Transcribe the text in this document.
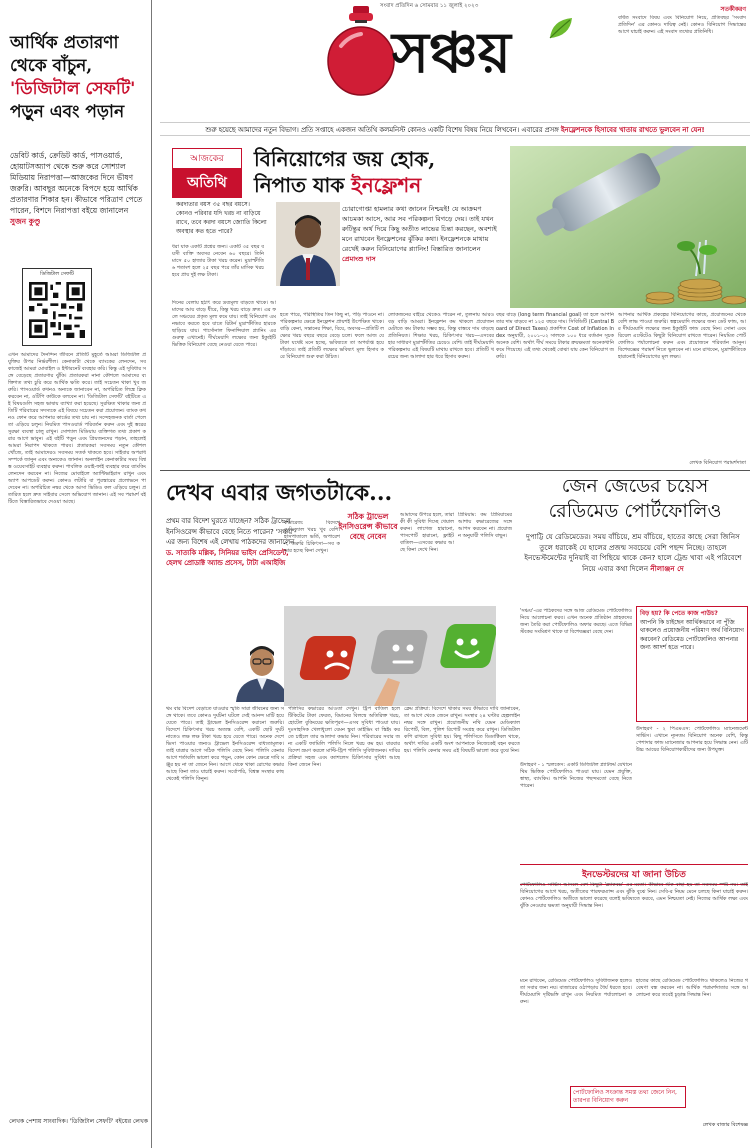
আর্থিক প্রতারণা থেকে বাঁচুন,
'ডিজিটাল সেফটি'
পড়ুন এবং পড়ান
ডেবিট কার্ড, ক্রেডিট কার্ড, পাসওয়ার্ড, হোয়াটসঅ্যাপ থেকে শুরু করে সোশ্যাল মিডিয়ায় নিরাপত্তা—আজকের দিনে ভীষণ জরুরি। আবছুর অনেকে বিপদে হয়ে আর্থিক প্রতারণার শিকার হন। কীভাবে পরিত্রাণ পেতে পারেন, বিশদে নিরাপত্তা বইয়ে জানালেন সুজন কুণ্ডু
ডিজিটাল সেফটি
এখন আমাদের দৈনন্দিন জীবনে প্রতিটি মুহূর্তে আমরা ডিজিটাল প্রযুক্তির উপর নির্ভরশীল। কেনাকাটা থেকে ব্যাংকের লেনদেন, সব কাজেই আমরা মোবাইল ও ইন্টারনেট ব্যবহার করি। কিন্তু এই সুবিধার সঙ্গে বেড়েছে প্রতারণার ঝুঁকি। প্রতারকরা নানা কৌশলে আমাদের ব্যক্তিগত তথ্য চুরি করে আর্থিক ক্ষতি করে। তাই সচেতন থাকা খুব জরুরি। পাসওয়ার্ড কখনও অন্যকে জানাবেন না, অপরিচিত লিঙ্কে ক্লিক করবেন না, ওটিপি কাউকে বলবেন না। 'ডিজিটাল সেফটি' বইটিতে এই বিষয়গুলি সহজ ভাষায় ব্যাখ্যা করা হয়েছে। সুরক্ষিত থাকার জন্য প্রতিটি পরিবারের সদস্যকে এই বিষয়ে সচেতন করা প্রয়োজন। ব্যাংক কখনও ফোন করে আপনার কার্ডের তথ্য চায় না। সন্দেহজনক বার্তা পেলে তা এড়িয়ে চলুন। নিয়মিত পাসওয়ার্ড পরিবর্তন করুন এবং দুই স্তরের সুরক্ষা ব্যবস্থা চালু রাখুন। সোশ্যাল মিডিয়ায় ব্যক্তিগত তথ্য প্রকাশ করার আগে ভাবুন। এই বইটি পড়ুন এবং প্রিয়জনদের পড়ান, তাহলেই আমরা নিরাপদ থাকতে পারব। প্রতারকরা সবসময় নতুন কৌশল খোঁজে, তাই আমাদেরও সবসময় সতর্ক থাকতে হবে। সাইবার অপরাধ সম্পর্কে জানুন এবং অন্যকেও জানান। অনলাইন কেনাকাটার সময় বিশ্বস্ত ওয়েবসাইট ব্যবহার করুন। পাবলিক ওয়াই-ফাই ব্যবহার করে ব্যাংকিং লেনদেন করবেন না। নিজের মোবাইলে অ্যান্টিভাইরাস রাখুন এবং অ্যাপ আপডেট করুন। কোনও লটারি বা পুরস্কারের প্রলোভনে পা দেবেন না। অপরিচিত নম্বর থেকে আসা ভিডিও কল এড়িয়ে চলুন। প্রতারিত হলে দ্রুত সাইবার সেলে অভিযোগ জানান। এই সব পরামর্শ বইটিতে বিস্তারিতভাবে দেওয়া আছে।
লেখক পেশায় সাংবাদিক। 'ডিজিটাল সেফটি' বইয়ের লেখক
সংবাদ প্রতিদিন ৬ সোমবার ১১ জুলাই ২০২৩
সঞ্চয়
সতর্কীকরণ
বর্ষিত সংবাদে বিষয় এবং বিনিয়োগ নিয়ে, প্রতিবছর 'সংবাদ প্রতিদিন' এর কোনও দায়িত্ব নেই। কোনও বিনিয়োগ সিদ্ধান্তের আগে যাচাই করুন। এই সংবাদ তথ্যের প্রতিনিধি।
শুরু হয়েছে আমাদের নতুন বিভাগ। প্রতি সপ্তাহে একজন অতিথি কলমনিস্ট কোনও একটি বিশেষ বিষয় নিয়ে লিখবেন। এবারের প্রসঙ্গ ইনফ্লেশনকে হিসাবের খাতায় রাখতে ভুলবেন না যেন!
আজকের
অতিথি
বিনিয়োগের জয় হোক,
নিপাত যাক ইনফ্লেশন
চোরাগোপ্তা হামলার কথা জানেন নিশ্চয়ই! যে আক্রমণ আচমকা আসে, আর সব পরিকল্পনা বিগড়ে দেয়। তাই যখন রুটিন্তুর অর্থ দিয়ে কিছু অতীত লাভের চিন্তা করছেন, অবশ্যই মনে রাখবেন ইনফ্লেশনের ঝুঁকির কথা। ইনফ্লেশনকে মাথায় রেখেই করুন বিনিয়োগের প্ল্যানিং! বিস্তারিত জানালেন প্রেমাংশু দাস
করদাতার বয়স ৩৫ বছর বয়সে। কোনও পরিবার যদি খরচ না বাড়িয়ে রাখে, তবে করদা বয়সে জ্যোতি কিলো অবস্থার কত হতে পারে?
ধরা যাক একটি প্রশ্নের জন্য। একটি ৩৫ বছর বয়সী ব্যক্তি অবসর নেবেন ৬০ বছরে। তিনি মাসে ৫০ হাজার টাকা খরচ করেন। মুদ্রাস্ফীতি ৬ শতাংশ হলে ২৫ বছর পরে তাঁর মাসিক খরচ হবে প্রায় দুই লক্ষ টাকা।
দিনের বেলায় হঠাৎ করে দ্রব্যমূল্য বাড়তে থাকে। আমাদের আয় বাড়ে ধীরে, কিন্তু খরচ বাড়ে দ্রুত। এর ফলে সঞ্চয়ের প্রকৃত মূল্য কমে যায়। তাই বিনিয়োগ এমনভাবে করতে হবে যাতে রিটার্ন মুদ্রাস্ফীতির হারকে ছাড়িয়ে যায়। পার্সোনাল ফিনান্সিয়াল প্ল্যানিং এর গুরুত্ব এখানেই। দীর্ঘমেয়াদি লক্ষ্যের জন্য ইক্যুইটি ভিত্তিক বিনিয়োগ বেছে নেওয়া যেতে পারে।
হতে পারে, পরিস্থিতির তিন কিছু না, পড়ি পাওনে না। পরিকল্পনার ক্ষেত্রে ইনফ্লেশন প্রায়শই উপেক্ষিত থাকে। বাড়ি কেনা, সন্তানের শিক্ষা, বিয়ে, অবসর—প্রতিটি লক্ষ্যের খরচ বছরে বছরে বেড়ে চলে। ফলে আজ যে টাকা যথেষ্ট মনে হচ্ছে, ভবিষ্যতে তা অপর্যাপ্ত হয়ে দাঁড়াবে। তাই প্রতিটি লক্ষ্যের ভবিষ্যৎ মূল্য হিসাব করে বিনিয়োগ শুরু করা উচিত।
লোকজনের বাইরে থেকেও পারেন না, তুলনায় আরও বড় বাড়ি আমরা। ইনফ্লেশন কম থাকলে প্রয়োজন মেটাতে কম টাকায় সম্ভব হয়, কিন্তু বাস্তবে দাম বাড়ছে প্রতিনিয়ত। শিক্ষার খরচ, চিকিৎসার খরচ—এসবের হার সাধারণ মুদ্রাস্ফীতির চেয়েও বেশি। তাই দীর্ঘমেয়াদি পরিকল্পনায় এই বিষয়টি মাথায় রাখতে হবে। প্রতিটি খরচের জন্য আলাদা হার ধরে হিসাব করুন।
বছর বাড়ে (long term financial goal) তা হলে আপনি তার দাম বাড়বে না ১২৫ বছরে দাম। সিবিডিটি (Central Board of Direct Taxes) প্রকাশিত Cost of Inflation Index অনুযায়ী, ২০০১-০২ সালকে ১০০ ধরে বর্তমান সূচক অনেক বেশি। অর্থাৎ দীর্ঘ সময়ে টাকার ক্রয়ক্ষমতা অনেকখানি কমে গিয়েছে। এই তথ্য থেকেই বোঝা যায় কেন বিনিয়োগ জরুরি।
আপনার আর্থিক প্রকল্পের বিনিয়োগের কাছে, প্রয়োজনের থেকে বেশি লাভ পাওয়া জরুরি। স্বল্পমেয়াদি লক্ষ্যের জন্য ডেট ফান্ড, আর দীর্ঘমেয়াদি লক্ষ্যের জন্য ইক্যুইটি ফান্ড বেছে নিন। সোনা এবং রিয়েল এস্টেটেও কিছুটা বিনিয়োগ রাখতে পারেন। নিয়মিত পোর্টফোলিও পর্যালোচনা করুন এবং প্রয়োজনে পরিবর্তন আনুন। বিশেষজ্ঞের পরামর্শ নিতে ভুলবেন না। মনে রাখবেন, মুদ্রাস্ফীতিকে হারানোই বিনিয়োগের মূল লক্ষ্য।
লেখক বিনিয়োগ পরামর্শদাতা
দেখব এবার জগতটাকে...
প্রথম বার বিদেশ ঘুরতে যাচ্ছেন? সঠিক ট্রাভেল ইনসিওরেন্স কীভাবে বেছে নিতে পারেন? 'সঞ্চয়'-এর জন্য বিশেষ এই লেখায় পাঠকদের জানালেন ড. সাত্যকি মল্লিক, সিনিয়র ভাইস প্রেসিডেন্ট, হেলথ প্রোডাক্ট অ্যান্ড প্রসেস, টাটা এআইজি
সঠিক ট্রাভেল ইনসিওরেন্স কীভাবে বেছে নেবেন
কভারেজ: বিদেশে মেডিক্যাল খরচ খুব বেশি। হাসপাতালে ভর্তি, অপারেশন, জরুরি চিকিৎসা—সব কভার হচ্ছে কিনা দেখুন।
আমাদের উপরে হলে, তারা কী কী সুবিধা দিচ্ছে খেয়াল করুন। লাগেজ হারানো, পাসপোর্ট হারানো, ফ্লাইট বাতিল—এসবের কভার আছে কিনা দেখে নিন।
প্রিমিয়াম: কম প্রিমিয়ামের আশায় কভারেজের সঙ্গে আপস করবেন না। প্রয়োজন অনুযায়ী পলিসি বাছুন।
থম বার বিদেশ বেড়াতে যাওয়ার স্মৃতি সারা জীবনের জন্য সঙ্গে থাকে। তবে কোনও দুর্ঘটনা ঘটলে সেই আনন্দ মাটি হয়ে যেতে পারে। তাই ট্রাভেল ইনসিওরেন্স করানো জরুরি। বিদেশে চিকিৎসার খরচ অত্যন্ত বেশি, একটি ছোট দুর্ঘটনাতেও লক্ষ লক্ষ টাকা খরচ হয়ে যেতে পারে। অনেক দেশে ভিসা পাওয়ার জন্যও ট্রাভেল ইনসিওরেন্স বাধ্যতামূলক। তাই যাত্রার আগে সঠিক পলিসি বেছে নিন। পলিসি কেনার আগে শর্তাবলি ভালো করে পড়ুন, কোন কোন ক্ষেত্রে দাবি মঞ্জুর হয় না তা জেনে নিন। আগে থেকে থাকা রোগের কভার আছে কিনা তাও যাচাই করুন। সর্বোপরি, বিশ্বস্ত সংস্থার কাছ থেকেই পলিসি কিনুন।
পলিসির কভারের আওতা দেখুন। ট্রিপ বাতিল হলে টিকিটের টাকা ফেরত, বিমানের বিলম্বে অতিরিক্ত খরচ, হোটেল বুকিংয়ের ক্ষতিপূরণ—এসব সুবিধা পাওয়া যায়। দুঃসাহসিক খেলাধুলো যেমন স্কুবা ডাইভিং বা স্কিইং করতে চাইলে তার আলাদা কভার নিন। পরিবারের সবার জন্য একটি ফ্যামিলি পলিসি নিলে খরচ কম হয়। বারবার বিদেশ ভ্রমণ করলে মাল্টি-ট্রিপ পলিসি সুবিধাজনক। দাবির প্রক্রিয়া সহজ এবং ক্যাশলেস চিকিৎসার সুবিধা আছে কিনা জেনে নিন।
ক্লেম প্রক্রিয়া: বিদেশে থাকার সময় কীভাবে দাবি জানাবেন, তা আগে থেকে জেনে রাখুন। সংস্থার ২৪ ঘণ্টার হেল্পলাইন নম্বর সঙ্গে রাখুন। প্রয়োজনীয় নথি যেমন মেডিক্যাল রিপোর্ট, বিল, পুলিশ রিপোর্ট সংগ্রহ করে রাখুন। ডিজিটাল কপি রাখলে সুবিধা হয়। কিছু পলিসিতে ডিডাক্টিবল থাকে, অর্থাৎ দাবির একটি অংশ আপনাকে নিজেকেই বহন করতে হয়। পলিসি কেনার সময় এই বিষয়টি ভালো করে বুঝে নিন।
জেন জেডের চয়েস
রেডিমেড পোর্টফোলিও
দুপাট্টি যে রেডিমেডের। সময় বাঁচিয়ে, শ্রম বাঁচিয়ে, হাতের কাছে সেরা জিনিস তুলে ধরাকেই যে হালের প্রজন্ম সবচেয়ে বেশি পছন্দ নিচ্ছে। তাহলে ইনভেস্টমেন্টের দুনিয়াই বা পিছিয়ে থাকে কেন? হালে ট্রেন্ড খাবা এই পরিবেশে নিয়ে এবার কথা দিলেন নীলাঞ্জন দে
'সঞ্চয়'-এর পাঠকদের সঙ্গে আজ রেডিমেড পোর্টফোলিও নিয়ে আলোচনা করব। এখন অনেক প্রতিষ্ঠান গ্রাহকদের জন্য তৈরি করা পোর্টফোলিও অফার করছে। এতে বিভিন্ন স্টকের সংমিশ্রণ থাকে যা বিশেষজ্ঞরা বেছে দেন।
বিড় হয়? কি পেতে কাজ পাউচ?
আপনি কি চাইছেন আর্থিকভাবে না পুঁজি থাকলেও প্রয়োজনীয় পরিমাণ অর্থ বিনিয়োগ করবেন? রেডিমেড পোর্টফোলিও আপনার জন্য আদর্শ হতে পারে।
উদাহরণ - ১ স্মলকেস: একটি ডিজিটাল প্ল্যাটফর্ম যেখানে থিম ভিত্তিক পোর্টফোলিও পাওয়া যায়। যেমন প্রযুক্তি, স্বাস্থ্য, ব্যাংকিং। আপনি নিজের পছন্দমতো বেছে নিতে পারেন।
উদাহরণ - ২ পিএমএস: পোর্টফোলিও ম্যানেজমেন্ট সার্ভিস। এখানে ন্যূনতম বিনিয়োগ অনেক বেশি, কিন্তু পেশাদার ফান্ড ম্যানেজার আপনার হয়ে সিদ্ধান্ত নেন। এটি উচ্চ আয়ের বিনিয়োগকারীদের জন্য উপযুক্ত।
ইনভেস্টরদের যা জানা উচিত
পোর্টফোলিও সার্ভিস আসলে বেশ কিছুটা 'ব্ল্যাকবক্স' এর মতো। কীভাবে স্টক বাছা হয় তা সবসময় স্পষ্ট নয়। তাই বিনিয়োগের আগে খরচ, অতীতের পারফরম্যান্স এবং ঝুঁকি বুঝে নিন। সেবি-র নিয়ম মেনে চলছে কিনা যাচাই করুন। কোনও পোর্টফোলিও অতীতে ভালো করেছে বলেই ভবিষ্যতে করবে, এমন নিশ্চয়তা নেই। নিজের আর্থিক লক্ষ্য এবং ঝুঁকি নেওয়ার ক্ষমতা অনুযায়ী সিদ্ধান্ত নিন।
মনে রাখবেন, রেডিমেড পোর্টফোলিও সুবিধাজনক হলেও তা সবার জন্য নয়। বাজারের ওঠাপড়ায় ধৈর্য ধরতে হবে। দীর্ঘমেয়াদি দৃষ্টিভঙ্গি রাখুন এবং নিয়মিত পর্যালোচনা করুন।
হাতের কাছে রেডিমেড পোর্টফোলিও থাকলেও নিজের গবেষণা বন্ধ করবেন না। আর্থিক পরামর্শদাতার সঙ্গে আলোচনা করে তবেই চূড়ান্ত সিদ্ধান্ত নিন।
পোর্টফোলিও সংক্রান্ত সমস্ত তথ্য জেনে নিন, তারপর বিনিয়োগ করুন
লেখক বাজার বিশেষজ্ঞ
